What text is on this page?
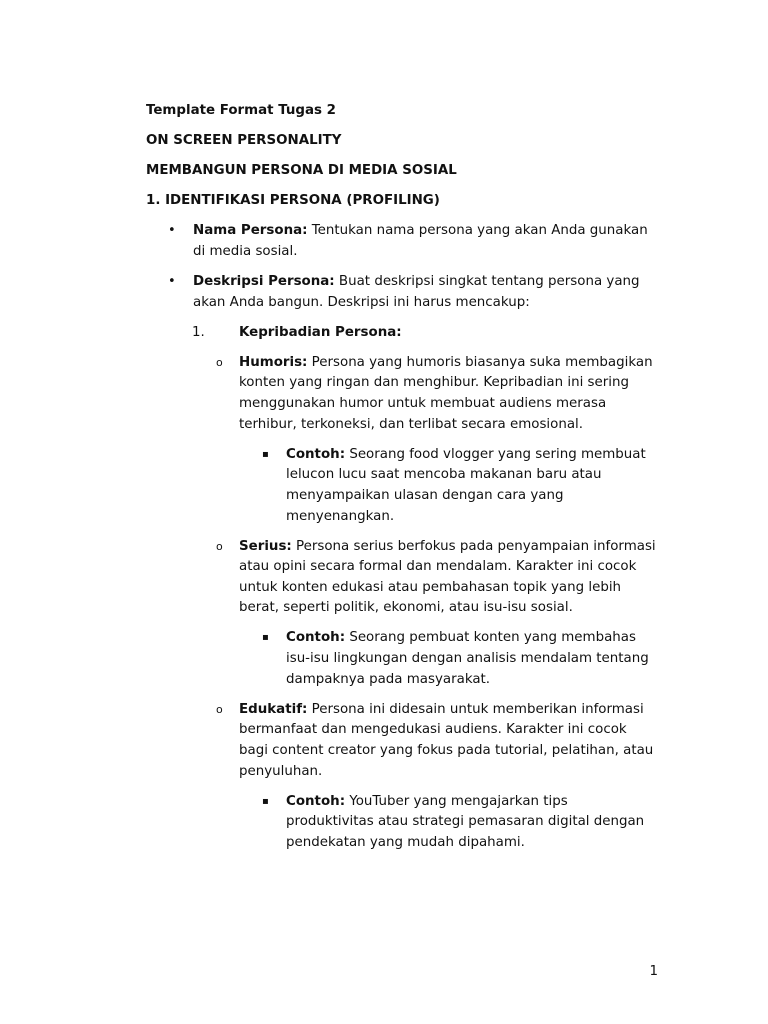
Template Format Tugas 2
ON SCREEN PERSONALITY
MEMBANGUN PERSONA DI MEDIA SOSIAL
1. IDENTIFIKASI PERSONA (PROFILING)
•	Nama Persona: Tentukan nama persona yang akan Anda gunakan di media sosial.
•	Deskripsi Persona: Buat deskripsi singkat tentang persona yang akan Anda bangun. Deskripsi ini harus mencakup:
1.	Kepribadian Persona:
o Humoris: Persona yang humoris biasanya suka membagikan konten yang ringan dan menghibur. Kepribadian ini sering menggunakan humor untuk membuat audiens merasa terhibur, terkoneksi, dan terlibat secara emosional.
▪ Contoh: Seorang food vlogger yang sering membuat lelucon lucu saat mencoba makanan baru atau menyampaikan ulasan dengan cara yang menyenangkan.
o Serius: Persona serius berfokus pada penyampaian informasi atau opini secara formal dan mendalam. Karakter ini cocok untuk konten edukasi atau pembahasan topik yang lebih berat, seperti politik, ekonomi, atau isu-isu sosial.
▪ Contoh: Seorang pembuat konten yang membahas isu-isu lingkungan dengan analisis mendalam tentang dampaknya pada masyarakat.
o Edukatif: Persona ini didesain untuk memberikan informasi bermanfaat dan mengedukasi audiens. Karakter ini cocok bagi content creator yang fokus pada tutorial, pelatihan, atau penyuluhan.
▪ Contoh: YouTuber yang mengajarkan tips produktivitas atau strategi pemasaran digital dengan pendekatan yang mudah dipahami.
1
